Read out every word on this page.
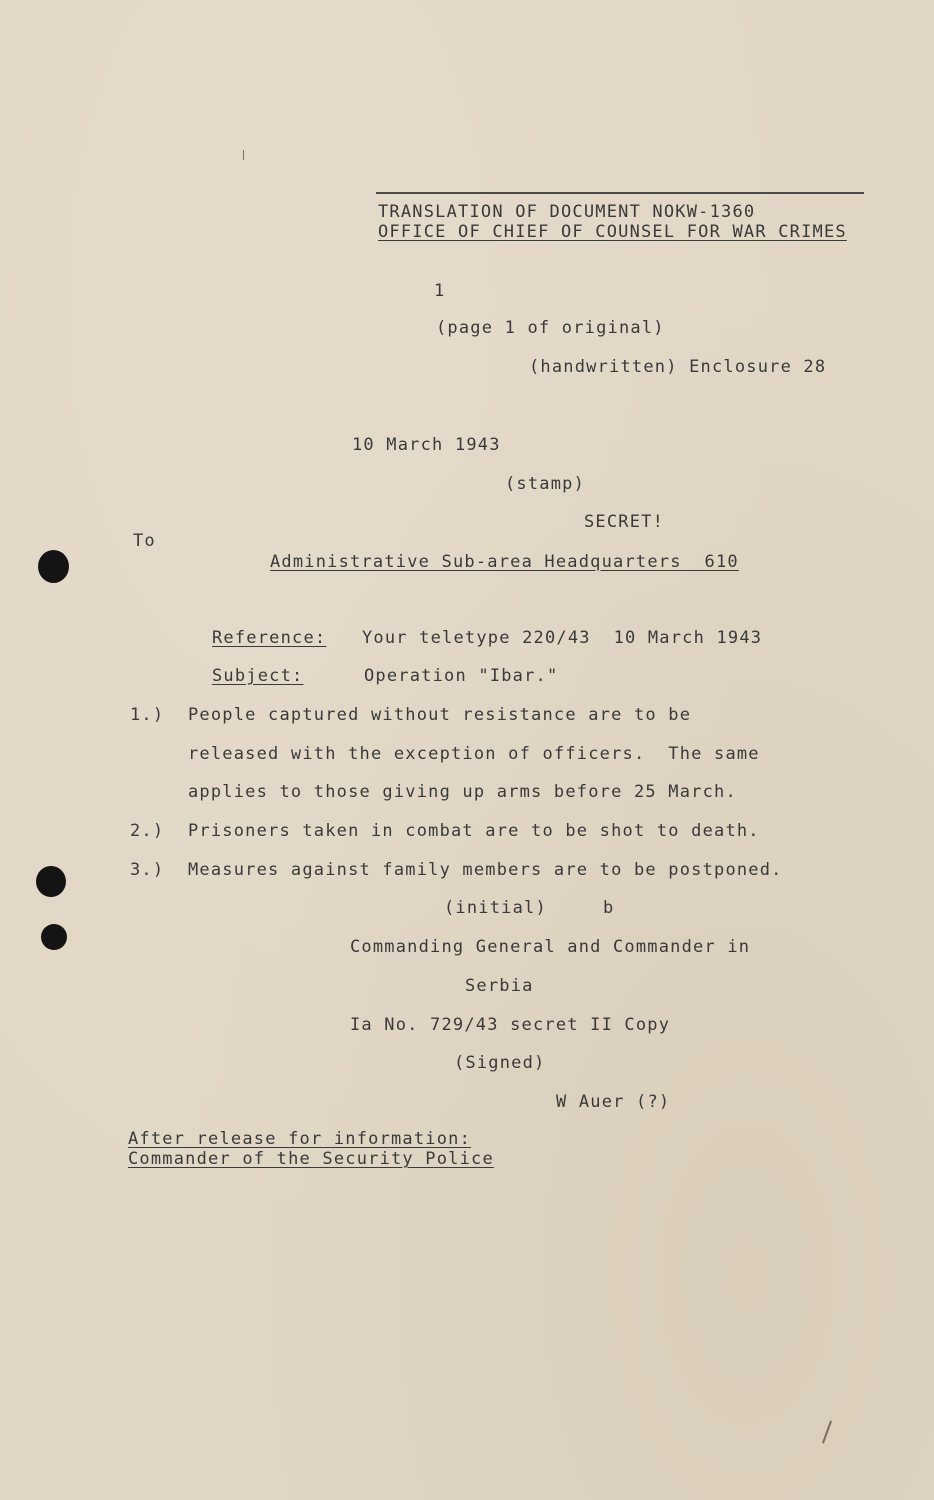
TRANSLATION OF DOCUMENT NOKW-1360
OFFICE OF CHIEF OF COUNSEL FOR WAR CRIMES
1
(page 1 of original)
(handwritten) Enclosure 28
10 March 1943
(stamp)
SECRET!
To
Administrative Sub-area Headquarters  610
Reference: Your teletype 220/43  10 March 1943
Subject:	Operation "Ibar."
1.) People captured without resistance are to be
released with the exception of officers.  The same
applies to those giving up arms before 25 March.
2.) Prisoners taken in combat are to be shot to death.
3.) Measures against family members are to be postponed.
(initial)	b
Commanding General and Commander in
Serbia
Ia No. 729/43 secret II Copy
(Signed)
W Auer (?)
After release for information:
Commander of the Security Police
